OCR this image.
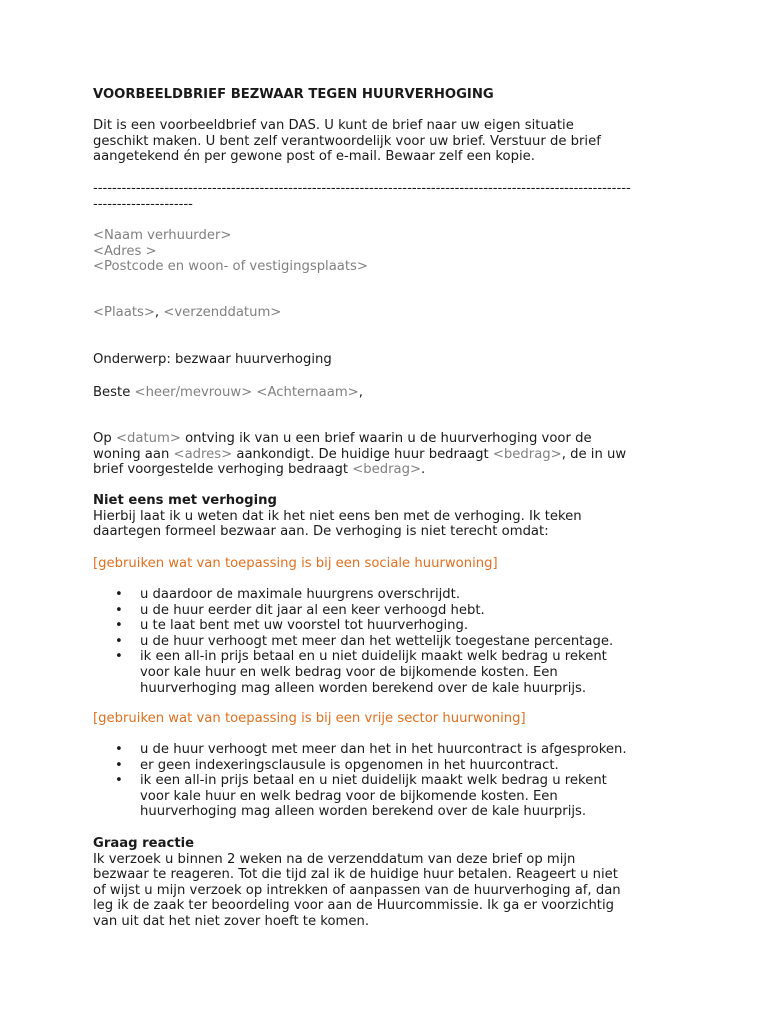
VOORBEELDBRIEF BEZWAAR TEGEN HUURVERHOGING
Dit is een voorbeeldbrief van DAS. U kunt de brief naar uw eigen situatie
geschikt maken. U bent zelf verantwoordelijk voor uw brief. Verstuur de brief
aangetekend én per gewone post of e-mail. Bewaar zelf een kopie.
-----------------------------------------------------------------------------------------------------------------
---------------------
<Naam verhuurder>
<Adres >
<Postcode en woon- of vestigingsplaats>
<Plaats>, <verzenddatum>
Onderwerp: bezwaar huurverhoging
Beste <heer/mevrouw> <Achternaam>,
Op <datum> ontving ik van u een brief waarin u de huurverhoging voor de
woning aan <adres> aankondigt. De huidige huur bedraagt <bedrag>, de in uw
brief voorgestelde verhoging bedraagt <bedrag>.
Niet eens met verhoging
Hierbij laat ik u weten dat ik het niet eens ben met de verhoging. Ik teken
daartegen formeel bezwaar aan. De verhoging is niet terecht omdat:
[gebruiken wat van toepassing is bij een sociale huurwoning]
• u daardoor de maximale huurgrens overschrijdt.
• u de huur eerder dit jaar al een keer verhoogd hebt.
• u te laat bent met uw voorstel tot huurverhoging.
• u de huur verhoogt met meer dan het wettelijk toegestane percentage.
• ik een all-in prijs betaal en u niet duidelijk maakt welk bedrag u rekent
voor kale huur en welk bedrag voor de bijkomende kosten. Een
huurverhoging mag alleen worden berekend over de kale huurprijs.
[gebruiken wat van toepassing is bij een vrije sector huurwoning]
• u de huur verhoogt met meer dan het in het huurcontract is afgesproken.
• er geen indexeringsclausule is opgenomen in het huurcontract.
• ik een all-in prijs betaal en u niet duidelijk maakt welk bedrag u rekent
voor kale huur en welk bedrag voor de bijkomende kosten. Een
huurverhoging mag alleen worden berekend over de kale huurprijs.
Graag reactie
Ik verzoek u binnen 2 weken na de verzenddatum van deze brief op mijn
bezwaar te reageren. Tot die tijd zal ik de huidige huur betalen. Reageert u niet
of wijst u mijn verzoek op intrekken of aanpassen van de huurverhoging af, dan
leg ik de zaak ter beoordeling voor aan de Huurcommissie. Ik ga er voorzichtig
van uit dat het niet zover hoeft te komen.
